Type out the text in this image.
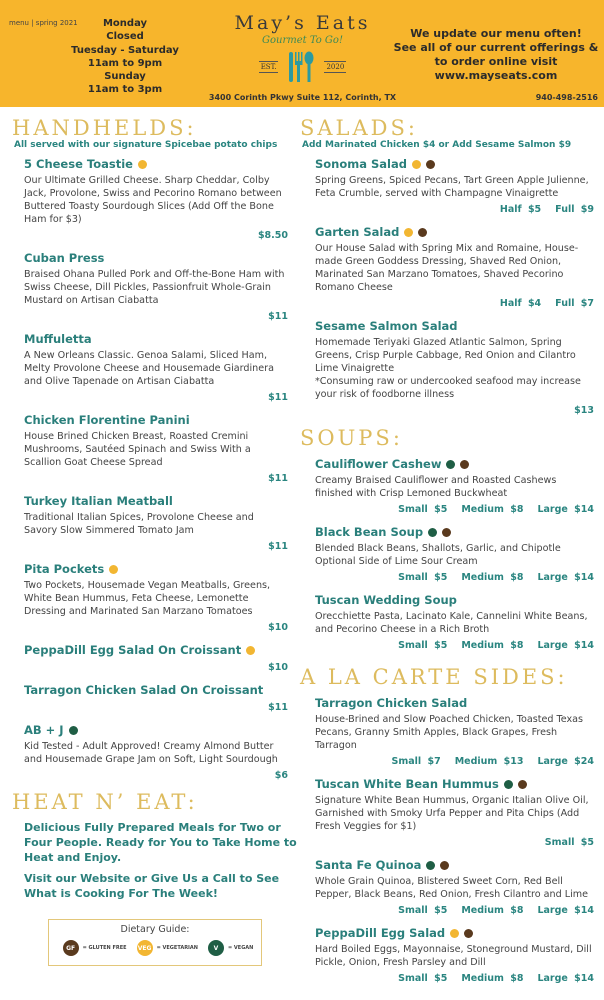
menu | spring 2021	Monday
Closed
Tuesday - Saturday
11am to 9pm
Sunday
11am to 3pm
May’s Eats
Gourmet To Go!
EST.	2020
3400 Corinth Pkwy Suite 112, Corinth, TX
We update our menu often!
See all of our current offerings &
to order online visit
www.mayseats.com
940-498-2516
HANDHELDS:
All served with our signature Spicebae potato chips
5 Cheese Toastie
Our Ultimate Grilled Cheese. Sharp Cheddar, Colby Jack, Provolone, Swiss and Pecorino Romano between Buttered Toasty Sourdough Slices (Add Off the Bone Ham for $3)
$8.50
Cuban Press
Braised Ohana Pulled Pork and Off-the-Bone Ham with Swiss Cheese, Dill Pickles, Passionfruit Whole-Grain Mustard on Artisan Ciabatta
$11
Muffuletta
A New Orleans Classic. Genoa Salami, Sliced Ham, Melty Provolone Cheese and Housemade Giardinera and Olive Tapenade on Artisan Ciabatta
$11
Chicken Florentine Panini
House Brined Chicken Breast, Roasted Cremini Mushrooms, Sautéed Spinach and Swiss With a Scallion Goat Cheese Spread
$11
Turkey Italian Meatball
Traditional Italian Spices, Provolone Cheese and Savory Slow Simmered Tomato Jam
$11
Pita Pockets
Two Pockets, Housemade Vegan Meatballs, Greens, White Bean Hummus, Feta Cheese, Lemonette Dressing and Marinated San Marzano Tomatoes
$10
PeppaDill Egg Salad On Croissant
$10
Tarragon Chicken Salad On Croissant
$11
AB + J
Kid Tested - Adult Approved! Creamy Almond Butter and Housemade Grape Jam on Soft, Light Sourdough
$6
SALADS:
Add Marinated Chicken $4 or Add Sesame Salmon $9
Sonoma Salad
Spring Greens, Spiced Pecans, Tart Green Apple Julienne, Feta Crumble, served with Champagne Vinaigrette
Half $5 Full $9
Garten Salad
Our House Salad with Spring Mix and Romaine, House-made Green Goddess Dressing, Shaved Red Onion, Marinated San Marzano Tomatoes, Shaved Pecorino Romano Cheese
Half $4 Full $7
Sesame Salmon Salad
Homemade Teriyaki Glazed Atlantic Salmon, Spring Greens, Crisp Purple Cabbage, Red Onion and Cilantro Lime Vinaigrette
*Consuming raw or undercooked seafood may increase your risk of foodborne illness
$13
SOUPS:
Cauliflower Cashew
Creamy Braised Cauliflower and Roasted Cashews finished with Crisp Lemoned Buckwheat
Small $5 Medium $8 Large $14
Black Bean Soup
Blended Black Beans, Shallots, Garlic, and Chipotle Optional Side of Lime Sour Cream
Small $5 Medium $8 Large $14
Tuscan Wedding Soup
Orecchiette Pasta, Lacinato Kale, Cannelini White Beans, and Pecorino Cheese in a Rich Broth
Small $5 Medium $8 Large $14
A LA CARTE SIDES:
Tarragon Chicken Salad
House-Brined and Slow Poached Chicken, Toasted Texas Pecans, Granny Smith Apples, Black Grapes, Fresh Tarragon
Small $7 Medium $13 Large $24
Tuscan White Bean Hummus
Signature White Bean Hummus, Organic Italian Olive Oil, Garnished with Smoky Urfa Pepper and Pita Chips (Add Fresh Veggies for $1)
Small $5
Santa Fe Quinoa
Whole Grain Quinoa, Blistered Sweet Corn, Red Bell Pepper, Black Beans, Red Onion, Fresh Cilantro and Lime
Small $5 Medium $8 Large $14
PeppaDill Egg Salad
Hard Boiled Eggs, Mayonnaise, Stoneground Mustard, Dill Pickle, Onion, Fresh Parsley and Dill
Small $5 Medium $8 Large $14
HEAT N’ EAT:

Delicious Fully Prepared Meals for Two or Four People. Ready for You to Take Home to Heat and Enjoy.

Visit our Website or Give Us a Call to See What is Cooking For The Week!

Dietary Guide:
GF	= GLUTEN FREE VEG = VEGETARIAN	V	= VEGAN
